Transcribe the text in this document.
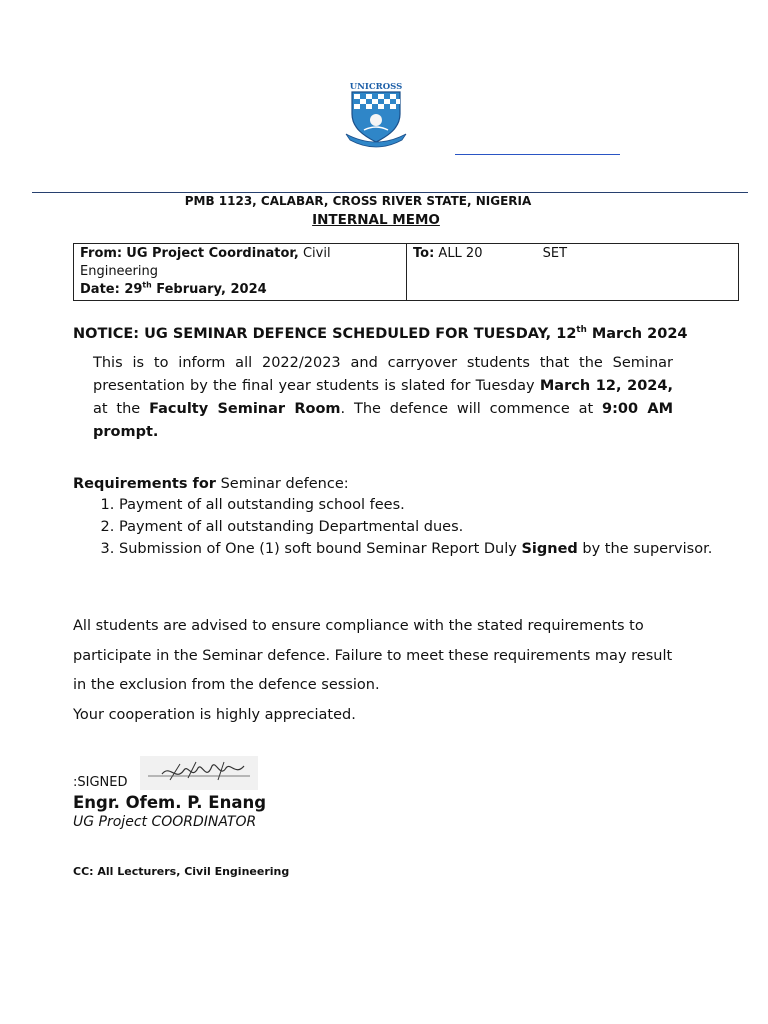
UNICROSS
PMB 1123, CALABAR, CROSS RIVER STATE, NIGERIA
INTERNAL MEMO
From: UG Project Coordinator, Civil Engineering
Date: 29th February, 2024
	To: ALL 20	SET
NOTICE: UG SEMINAR DEFENCE SCHEDULED FOR TUESDAY, 12th March 2024
This is to inform all 2022/2023 and carryover students that the Seminar presentation by the final year students is slated for Tuesday March 12, 2024, at the Faculty Seminar Room. The defence will commence at 9:00 AM prompt.
Requirements for Seminar defence:
1. Payment of all outstanding school fees.
2. Payment of all outstanding Departmental dues.
3. Submission of One (1) soft bound Seminar Report Duly Signed by the supervisor.
All students are advised to ensure compliance with the stated requirements to participate in the Seminar defence. Failure to meet these requirements may result in the exclusion from the defence session.
Your cooperation is highly appreciated.
:SIGNED
Engr. Ofem. P. Enang
UG Project COORDINATOR
CC: All Lecturers, Civil Engineering
